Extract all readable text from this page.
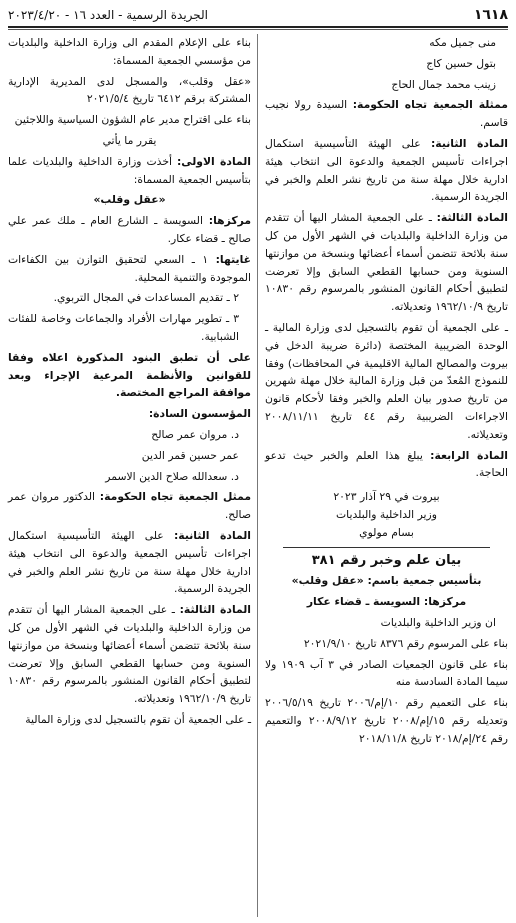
١٦١٨
الجريدة الرسمية - العدد ١٦ - ٢٠٢٣/٤/٢٠

منى جميل مكه

بتول حسين كاج

زينب محمد جمال الحاج

ممثلة الجمعية تجاه الحكومة: السيدة رولا نجيب قاسم.

المادة الثانية: على الهيئة التأسيسية استكمال اجراءات تأسيس الجمعية والدعوة الى انتخاب هيئة ادارية خلال مهلة سنة من تاريخ نشر العلم والخبر في الجريدة الرسمية.

المادة الثالثة: ـ على الجمعية المشار اليها أن تتقدم من وزارة الداخلية والبلديات في الشهر الأول من كل سنة بلائحة تتضمن أسماء أعضائها وبنسخة من موازنتها السنوية ومن حسابها القطعي السابق وإلا تعرضت لتطبيق أحكام القانون المنشور بالمرسوم رقم ١٠٨٣٠ تاريخ ١٩٦٢/١٠/٩ وتعديلاته.

ـ على الجمعية أن تقوم بالتسجيل لدى وزارة المالية ـ الوحدة الضريبية المختصة (دائرة ضريبة الدخل في بيروت والمصالح المالية الاقليمية في المحافظات) وفقا للنموذج المُعدّ من قبل وزارة المالية خلال مهلة شهرين من تاريخ صدور بيان العلم والخبر وفقا لأحكام قانون الاجراءات الضريبية رقم ٤٤ تاريخ ٢٠٠٨/١١/١١ وتعديلاته.

المادة الرابعة: يبلغ هذا العلم والخبر حيث تدعو الحاجة.

بيروت في ٢٩ آذار ٢٠٢٣

وزير الداخلية والبلديات

بسام مولوي

بيان علم وخبر رقم ٣٨١

بتأسيس جمعية باسم: «عقل وقلب»

مركزها: السويسة ـ قضاء عكار

ان وزير الداخلية والبلديات

بناء على المرسوم رقم ٨٣٧٦ تاريخ ٢٠٢١/٩/١٠

بناء على قانون الجمعيات الصادر في ٣ آب ١٩٠٩ ولا سيما المادة السادسة منه

بناء على التعميم رقم ١٠/إم/٢٠٠٦ تاريخ ٢٠٠٦/٥/١٩ وتعديله رقم ١٥/إم/٢٠٠٨ تاريخ ٢٠٠٨/٩/١٢ والتعميم رقم ٢٤/إم/٢٠١٨ تاريخ ٢٠١٨/١١/٨

بناء على الإعلام المقدم الى وزارة الداخلية والبلديات من مؤسسي الجمعية المسماة:

«عقل وقلب»، والمسجل لدى المديرية الإدارية المشتركة برقم ٦٤١٢ تاريخ ٢٠٢١/٥/٤

بناء على اقتراح مدير عام الشؤون السياسية واللاجئين

يقرر ما يأتي

المادة الاولى: أخذت وزارة الداخلية والبلديات علما بتأسيس الجمعية المسماة:

«عقل وقلب»

مركزها: السويسة ـ الشارع العام ـ ملك عمر علي صالح ـ قضاء عكار.

غايتها: ١ ـ السعي لتحقيق التوازن بين الكفاءات الموجودة والتنمية المحلية.

٢ ـ تقديم المساعدات في المجال التربوي.

٣ ـ تطوير مهارات الأفراد والجماعات وخاصة للفئات الشبابية.

على أن تطبق البنود المذكورة اعلاه وفقا للقوانين والأنظمة المرعية الإجراء وبعد موافقة المراجع المختصة.

المؤسسون السادة:

د. مروان عمر صالح

عمر حسين قمر الدين

د. سعدالله صلاح الدين الاسمر

ممثل الجمعية تجاه الحكومة: الدكتور مروان عمر صالح.

المادة الثانية: على الهيئة التأسيسية استكمال اجراءات تأسيس الجمعية والدعوة الى انتخاب هيئة ادارية خلال مهلة سنة من تاريخ نشر العلم والخبر في الجريدة الرسمية.

المادة الثالثة: ـ على الجمعية المشار اليها أن تتقدم من وزارة الداخلية والبلديات في الشهر الأول من كل سنة بلائحة تتضمن أسماء أعضائها وبنسخة من موازنتها السنوية ومن حسابها القطعي السابق وإلا تعرضت لتطبيق أحكام القانون المنشور بالمرسوم رقم ١٠٨٣٠ تاريخ ١٩٦٢/١٠/٩ وتعديلاته.

ـ على الجمعية أن تقوم بالتسجيل لدى وزارة المالية
